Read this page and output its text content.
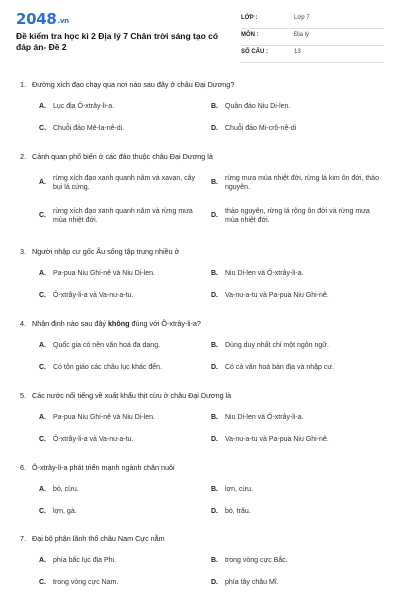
2048.vn
Đề kiểm tra học kì 2 Địa lý 7 Chân trời sáng tạo có đáp án- Đề 2
LỚP :	Lớp 7
MÔN :	Địa lý
SỐ CÂU :	13
1. Đường xích đạo chạy qua nơi nào sau đây ở châu Đại Dương?
A. Lục địa Ô-xtrây-li-a.	B. Quần đảo Niu Di-len.
C. Chuỗi đảo Mê-la-nê-di.	D. Chuỗi đảo Mi-crô-nê-di
2. Cảnh quan phổ biến ở các đảo thuộc châu Đại Dương là
A.
rừng xích đạo xanh quanh năm và xavan, cây bụi lá cứng.
B.
rừng mưa mùa nhiệt đới, rừng lá kim ôn đới, thảo nguyên.
C.
rừng xích đạo xanh quanh năm và rừng mưa mùa nhiệt đới.
D.
thảo nguyên, rừng lá rộng ôn đới và rừng mưa mùa nhiệt đới.
3. Người nhập cư gốc Âu sống tập trung nhiều ở
A. Pa-pua Niu Ghi-nê và Niu Di-len.	B. Niu Di-len và Ô-xtrây-li-a.
C. Ô-xtrây-li-a và Va-nu-a-tu.	D. Va-nu-a-tu và Pa-pua Niu Ghi-nê.
4. Nhận định nào sau đây không đúng với Ô-xtrây-li-a?
A. Quốc gia có nền văn hoá đa dạng.	B. Dùng duy nhất chỉ một ngôn ngữ.
C. Có tôn giáo các châu lục khác đến.	D. Có cả văn hoá bản địa và nhập cư.
5. Các nước nổi tiếng về xuất khẩu thịt cừu ở châu Đại Dương là
A. Pa-pua Niu Ghi-nê và Niu Di-len.	B. Niu Di-len và Ô-xtrây-li-a.
C. Ô-xtrây-li-a và Va-nu-a-tu.	D. Va-nu-a-tu và Pa-pua Niu Ghi-nê.
6. Ô-xtrây-li-a phát triển mạnh ngành chăn nuôi
A. bò, cừu.	B. lợn, cừu.
C. lợn, gà.	D. bò, trâu.
7. Đại bộ phận lãnh thổ châu Nam Cực nằm
A. phía bắc lục địa Phi.	B. trong vòng cực Bắc.
C. trong vòng cực Nam.	D. phía tây châu Mĩ.
